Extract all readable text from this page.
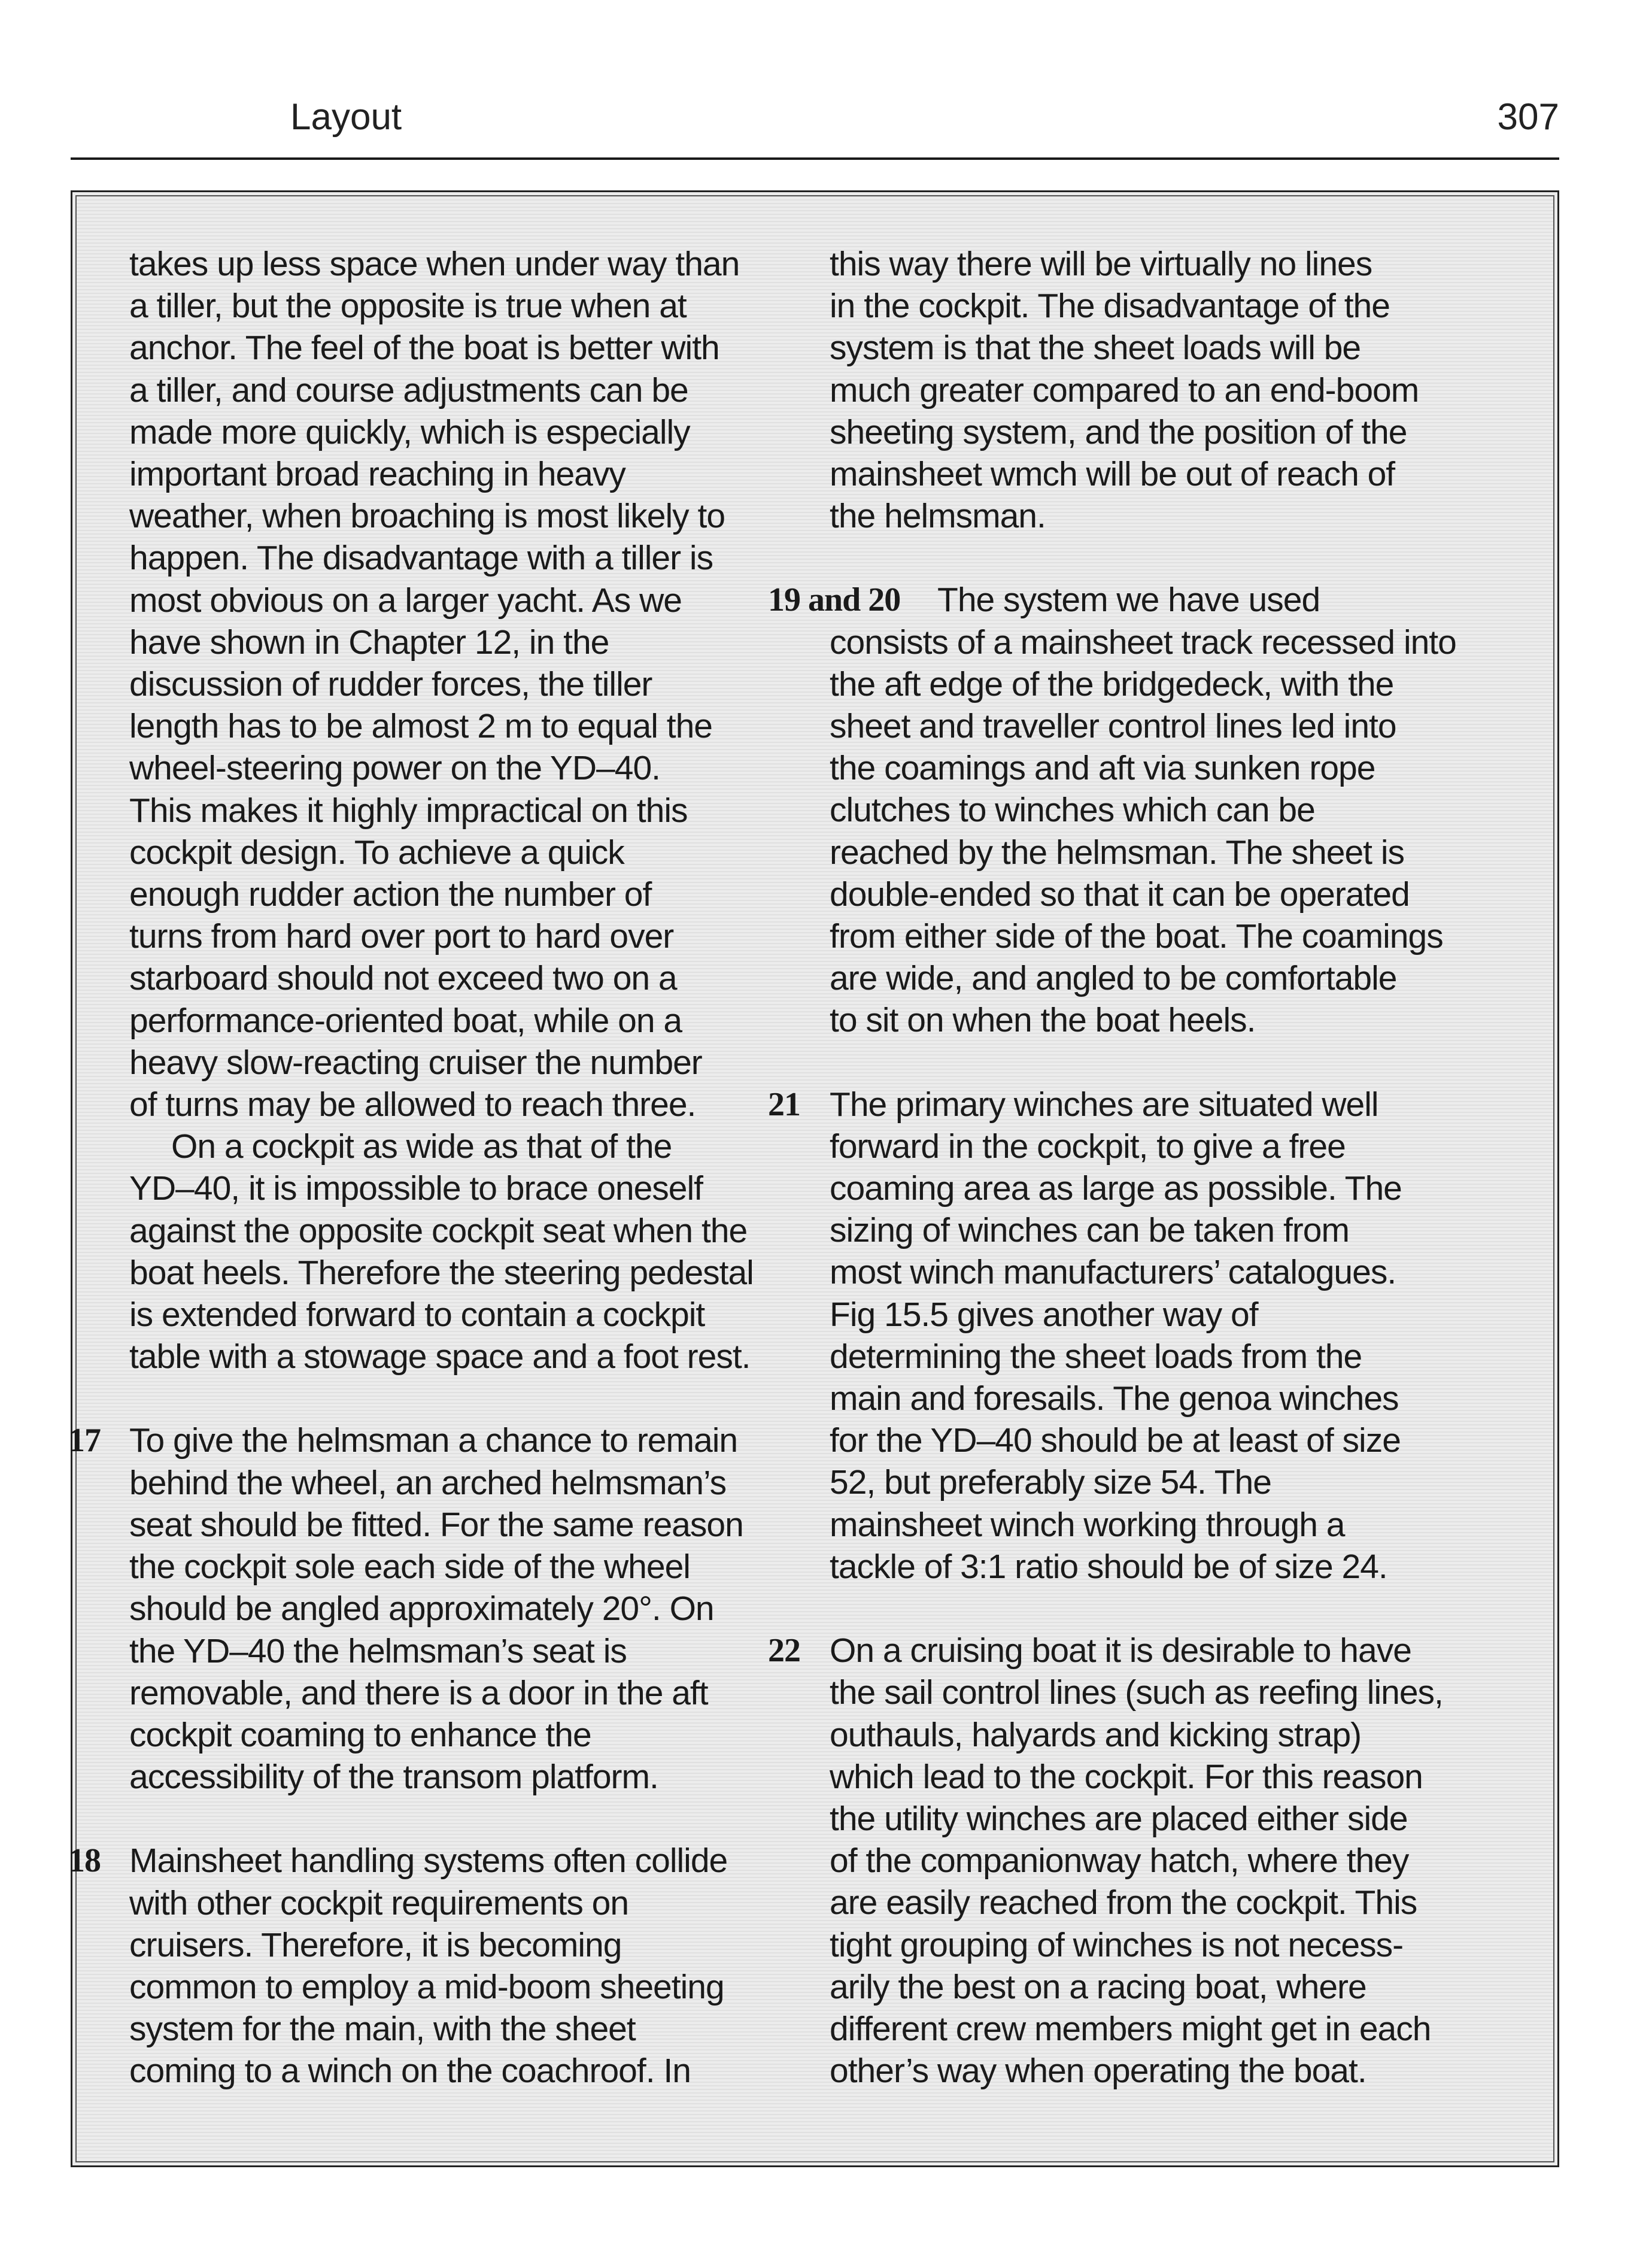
Layout	307
takes up less space when under way than
a tiller, but the opposite is true when at
anchor. The feel of the boat is better with
a tiller, and course adjustments can be
made more quickly, which is especially
important broad reaching in heavy
weather, when broaching is most likely to
happen. The disadvantage with a tiller is
most obvious on a larger yacht. As we
have shown in Chapter 12, in the
discussion of rudder forces, the tiller
length has to be almost 2 m to equal the
wheel-steering power on the YD–40.
This makes it highly impractical on this
cockpit design. To achieve a quick
enough rudder action the number of
turns from hard over port to hard over
starboard should not exceed two on a
performance-oriented boat, while on a
heavy slow-reacting cruiser the number
of turns may be allowed to reach three.
On a cockpit as wide as that of the
YD–40, it is impossible to brace oneself
against the opposite cockpit seat when the
boat heels. Therefore the steering pedestal
is extended forward to contain a cockpit
table with a stowage space and a foot rest.
17 To give the helmsman a chance to remain
behind the wheel, an arched helmsman’s
seat should be fitted. For the same reason
the cockpit sole each side of the wheel
should be angled approximately 20°. On
the YD–40 the helmsman’s seat is
removable, and there is a door in the aft
cockpit coaming to enhance the
accessibility of the transom platform.
18 Mainsheet handling systems often collide
with other cockpit requirements on
cruisers. Therefore, it is becoming
common to employ a mid-boom sheeting
system for the main, with the sheet
coming to a winch on the coachroof. In
this way there will be virtually no lines
in the cockpit. The disadvantage of the
system is that the sheet loads will be
much greater compared to an end-boom
sheeting system, and the position of the
mainsheet wmch will be out of reach of
the helmsman.
19 and 20	The system we have used
consists of a mainsheet track recessed into
the aft edge of the bridgedeck, with the
sheet and traveller control lines led into
the coamings and aft via sunken rope
clutches to winches which can be
reached by the helmsman. The sheet is
double-ended so that it can be operated
from either side of the boat. The coamings
are wide, and angled to be comfortable
to sit on when the boat heels.
21 The primary winches are situated well
forward in the cockpit, to give a free
coaming area as large as possible. The
sizing of winches can be taken from
most winch manufacturers’ catalogues.
Fig 15.5 gives another way of
determining the sheet loads from the
main and foresails. The genoa winches
for the YD–40 should be at least of size
52, but preferably size 54. The
mainsheet winch working through a
tackle of 3:1 ratio should be of size 24.
22 On a cruising boat it is desirable to have
the sail control lines (such as reefing lines,
outhauls, halyards and kicking strap)
which lead to the cockpit. For this reason
the utility winches are placed either side
of the companionway hatch, where they
are easily reached from the cockpit. This
tight grouping of winches is not necess-
arily the best on a racing boat, where
different crew members might get in each
other’s way when operating the boat.
